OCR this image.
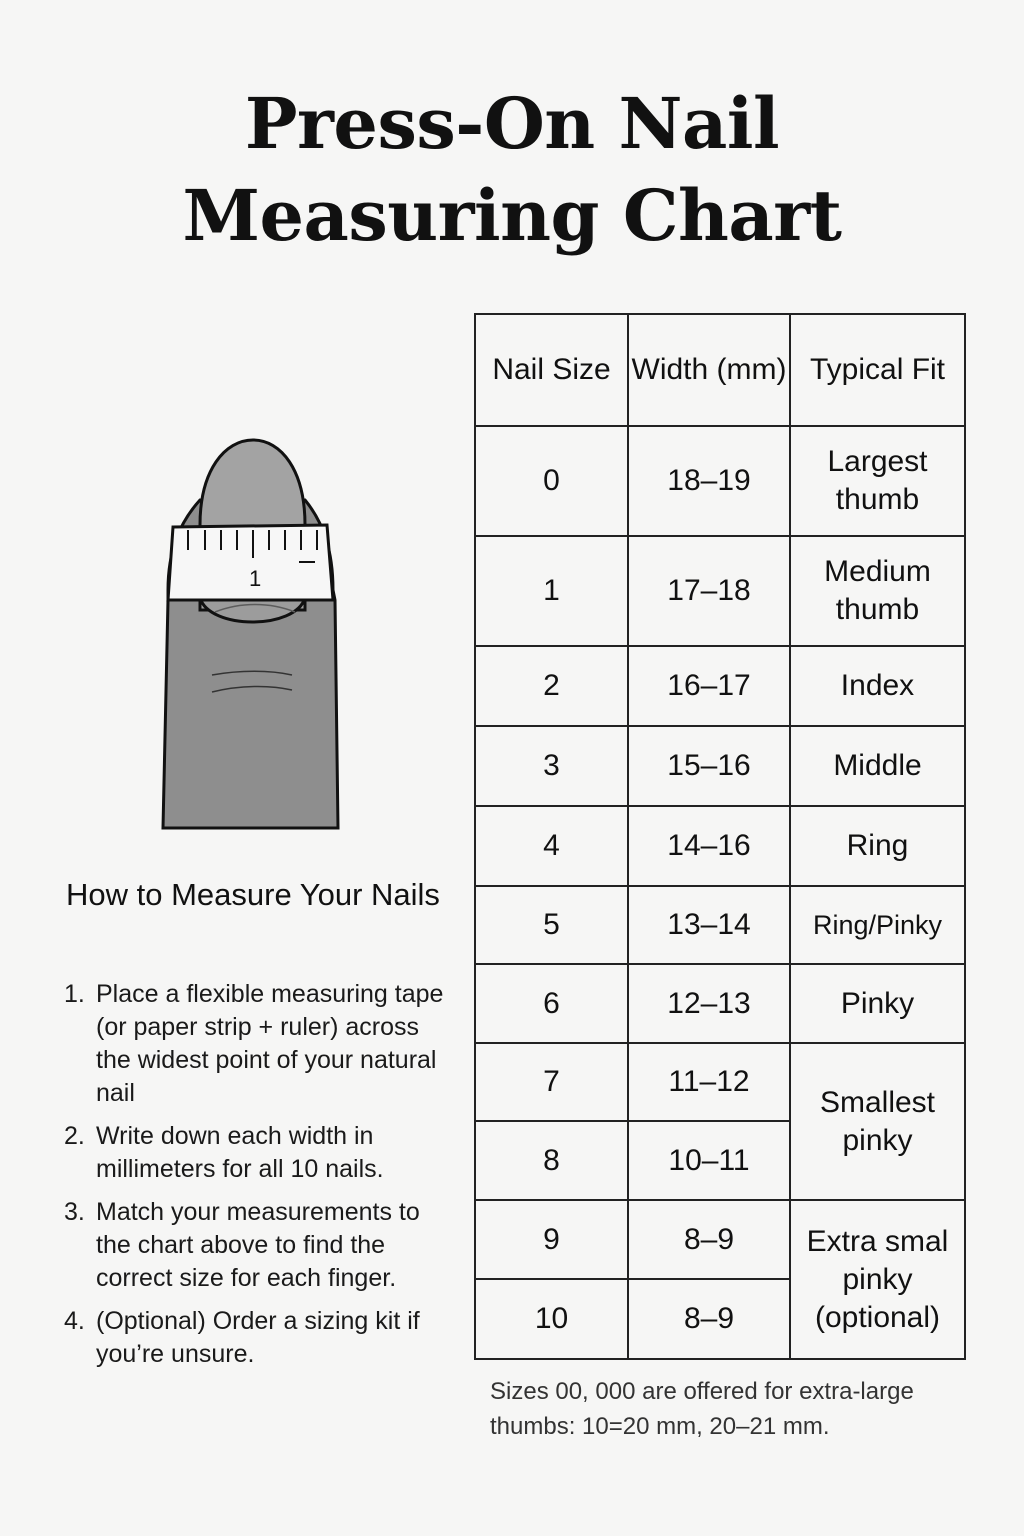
Press-On Nail
Measuring Chart
1
How to Measure Your Nails
1. Place a flexible measuring tape (or paper strip + ruler) across the widest point of your natural nail
2. Write down each width in millimeters for all 10 nails.
3. Match your measurements to the chart above to find the correct size for each finger.
4. (Optional) Order a sizing kit if you’re unsure.
Nail Size	Width (mm)	Typical Fit
0	18–19	Largest thumb
1	17–18	Medium thumb
2	16–17	Index
3	15–16	Middle
4	14–16	Ring
5	13–14	Ring/Pinky
6	12–13	Pinky
7	11–12	Smallest pinky
8	10–11	
9	8–9	Extra smal pinky (optional)
10	8–9	

Sizes 00, 000 are offered for extra-large thumbs: 10=20 mm, 20–21 mm.
